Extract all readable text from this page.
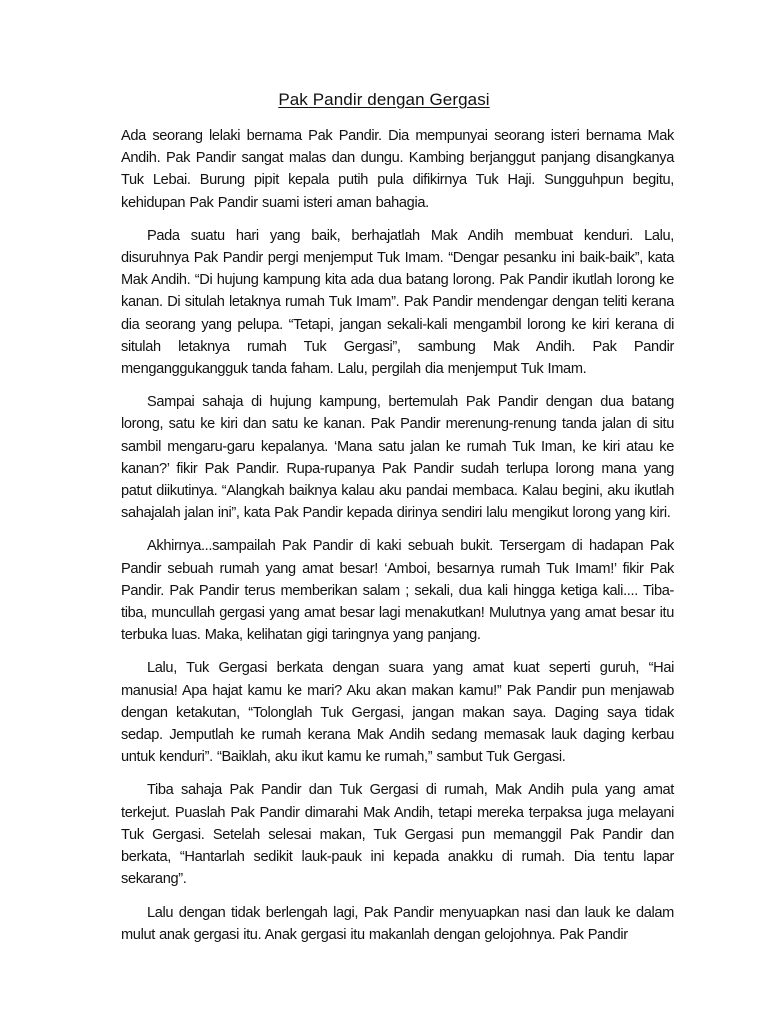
Pak Pandir dengan Gergasi

Ada seorang lelaki bernama Pak Pandir. Dia mempunyai seorang isteri bernama Mak Andih. Pak Pandir sangat malas dan dungu. Kambing berjanggut panjang disangkanya Tuk Lebai. Burung pipit kepala putih pula difikirnya Tuk Haji. Sungguhpun begitu, kehidupan Pak Pandir suami isteri aman bahagia.

Pada suatu hari yang baik, berhajatlah Mak Andih membuat kenduri. Lalu, disuruhnya Pak Pandir pergi menjemput Tuk Imam. “Dengar pesanku ini baik-baik”, kata Mak Andih. “Di hujung kampung kita ada dua batang lorong. Pak Pandir ikutlah lorong ke kanan. Di situlah letaknya rumah Tuk Imam”. Pak Pandir mendengar dengan teliti kerana dia seorang yang pelupa. “Tetapi, jangan sekali-kali mengambil lorong ke kiri kerana di situlah letaknya rumah Tuk Gergasi”, sambung Mak Andih. Pak Pandir menganggukangguk tanda faham. Lalu, pergilah dia menjemput Tuk Imam.

Sampai sahaja di hujung kampung, bertemulah Pak Pandir dengan dua batang lorong, satu ke kiri dan satu ke kanan. Pak Pandir merenung-renung tanda jalan di situ sambil mengaru-garu kepalanya. ‘Mana satu jalan ke rumah Tuk Iman, ke kiri atau ke kanan?’ fikir Pak Pandir. Rupa-rupanya Pak Pandir sudah terlupa lorong mana yang patut diikutinya. “Alangkah baiknya kalau aku pandai membaca. Kalau begini, aku ikutlah sahajalah jalan ini”, kata Pak Pandir kepada dirinya sendiri lalu mengikut lorong yang kiri.

Akhirnya...sampailah Pak Pandir di kaki sebuah bukit. Tersergam di hadapan Pak Pandir sebuah rumah yang amat besar! ‘Amboi, besarnya rumah Tuk Imam!’ fikir Pak Pandir. Pak Pandir terus memberikan salam ; sekali, dua kali hingga ketiga kali.... Tiba-tiba, muncullah gergasi yang amat besar lagi menakutkan! Mulutnya yang amat besar itu terbuka luas. Maka, kelihatan gigi taringnya yang panjang.

Lalu, Tuk Gergasi berkata dengan suara yang amat kuat seperti guruh, “Hai manusia! Apa hajat kamu ke mari? Aku akan makan kamu!” Pak Pandir pun menjawab dengan ketakutan, “Tolonglah Tuk Gergasi, jangan makan saya. Daging saya tidak sedap. Jemputlah ke rumah kerana Mak Andih sedang memasak lauk daging kerbau untuk kenduri”. “Baiklah, aku ikut kamu ke rumah,” sambut Tuk Gergasi.

Tiba sahaja Pak Pandir dan Tuk Gergasi di rumah, Mak Andih pula yang amat terkejut. Puaslah Pak Pandir dimarahi Mak Andih, tetapi mereka terpaksa juga melayani Tuk Gergasi. Setelah selesai makan, Tuk Gergasi pun memanggil Pak Pandir dan berkata, “Hantarlah sedikit lauk-pauk ini kepada anakku di rumah. Dia tentu lapar sekarang”.

Lalu dengan tidak berlengah lagi, Pak Pandir menyuapkan nasi dan lauk ke dalam mulut anak gergasi itu. Anak gergasi itu makanlah dengan gelojohnya. Pak Pandir
